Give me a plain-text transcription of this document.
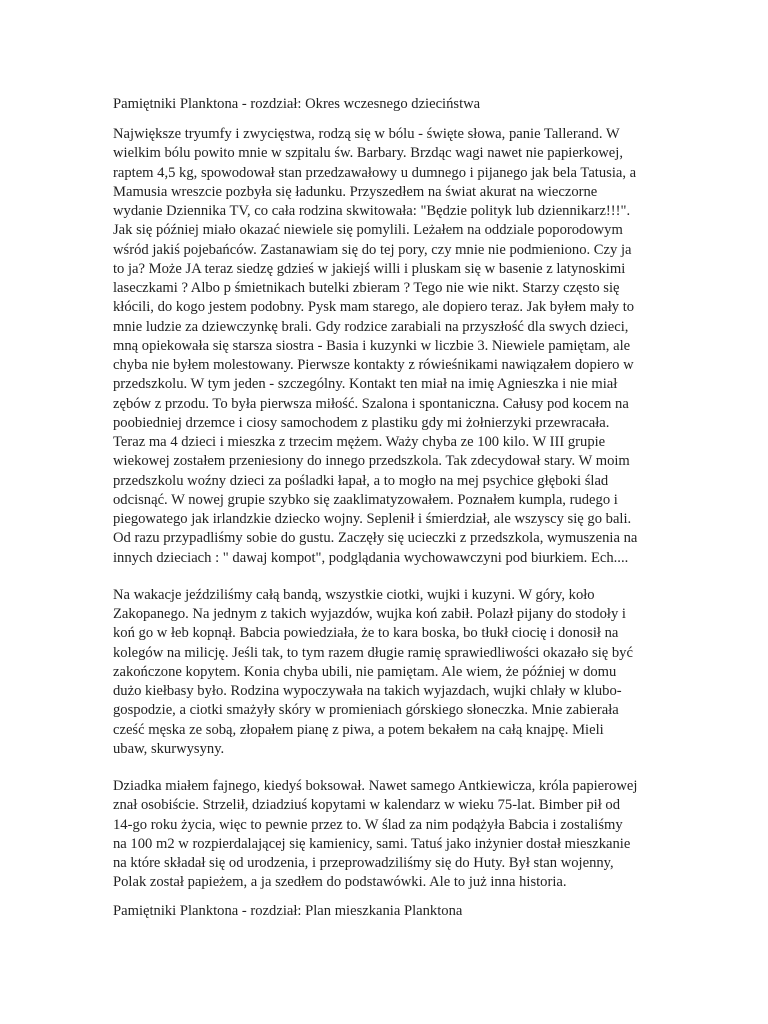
Pamiętniki Planktona - rozdział: Okres wczesnego dzieciństwa

Największe tryumfy i zwycięstwa, rodzą się w bólu - święte słowa, panie Tallerand. W
wielkim bólu powito mnie w szpitalu św. Barbary. Brzdąc wagi nawet nie papierkowej,
raptem 4,5 kg, spowodował stan przedzawałowy u dumnego i pijanego jak bela Tatusia, a
Mamusia wreszcie pozbyła się ładunku. Przyszedłem na świat akurat na wieczorne
wydanie Dziennika TV, co cała rodzina skwitowała: "Będzie polityk lub dziennikarz!!!".
Jak się później miało okazać niewiele się pomylili. Leżałem na oddziale poporodowym
wśród jakiś pojebańców. Zastanawiam się do tej pory, czy mnie nie podmieniono. Czy ja
to ja? Może JA teraz siedzę gdzieś w jakiejś willi i pluskam się w basenie z latynoskimi
laseczkami ? Albo p śmietnikach butelki zbieram ? Tego nie wie nikt. Starzy często się
kłócili, do kogo jestem podobny. Pysk mam starego, ale dopiero teraz. Jak byłem mały to
mnie ludzie za dziewczynkę brali. Gdy rodzice zarabiali na przyszłość dla swych dzieci,
mną opiekowała się starsza siostra - Basia i kuzynki w liczbie 3. Niewiele pamiętam, ale
chyba nie byłem molestowany. Pierwsze kontakty z rówieśnikami nawiązałem dopiero w
przedszkolu. W tym jeden - szczególny. Kontakt ten miał na imię Agnieszka i nie miał
zębów z przodu. To była pierwsza miłość. Szalona i spontaniczna. Całusy pod kocem na
poobiedniej drzemce i ciosy samochodem z plastiku gdy mi żołnierzyki przewracała.
Teraz ma 4 dzieci i mieszka z trzecim mężem. Waży chyba ze 100 kilo. W III grupie
wiekowej zostałem przeniesiony do innego przedszkola. Tak zdecydował stary. W moim
przedszkolu woźny dzieci za pośladki łapał, a to mogło na mej psychice głęboki ślad
odcisnąć. W nowej grupie szybko się zaaklimatyzowałem. Poznałem kumpla, rudego i
piegowatego jak irlandzkie dziecko wojny. Seplenił i śmierdział, ale wszyscy się go bali.
Od razu przypadliśmy sobie do gustu. Zaczęły się ucieczki z przedszkola, wymuszenia na
innych dzieciach : " dawaj kompot", podglądania wychowawczyni pod biurkiem. Ech....

Na wakacje jeździliśmy całą bandą, wszystkie ciotki, wujki i kuzyni. W góry, koło
Zakopanego. Na jednym z takich wyjazdów, wujka koń zabił. Polazł pijany do stodoły i
koń go w łeb kopnął. Babcia powiedziała, że to kara boska, bo tłukł ciocię i donosił na
kolegów na milicję. Jeśli tak, to tym razem długie ramię sprawiedliwości okazało się być
zakończone kopytem. Konia chyba ubili, nie pamiętam. Ale wiem, że później w domu
dużo kiełbasy było. Rodzina wypoczywała na takich wyjazdach, wujki chlały w klubo-
gospodzie, a ciotki smażyły skóry w promieniach górskiego słoneczka. Mnie zabierała
cześć męska ze sobą, złopałem pianę z piwa, a potem bekałem na całą knajpę. Mieli
ubaw, skurwysyny.

Dziadka miałem fajnego, kiedyś boksował. Nawet samego Antkiewicza, króla papierowej
znał osobiście. Strzelił, dziadziuś kopytami w kalendarz w wieku 75-lat. Bimber pił od
14-go roku życia, więc to pewnie przez to. W ślad za nim podążyła Babcia i zostaliśmy
na 100 m2 w rozpierdalającej się kamienicy, sami. Tatuś jako inżynier dostał mieszkanie
na które składał się od urodzenia, i przeprowadziliśmy się do Huty. Był stan wojenny,
Polak został papieżem, a ja szedłem do podstawówki. Ale to już inna historia.

Pamiętniki Planktona - rozdział: Plan mieszkania Planktona
